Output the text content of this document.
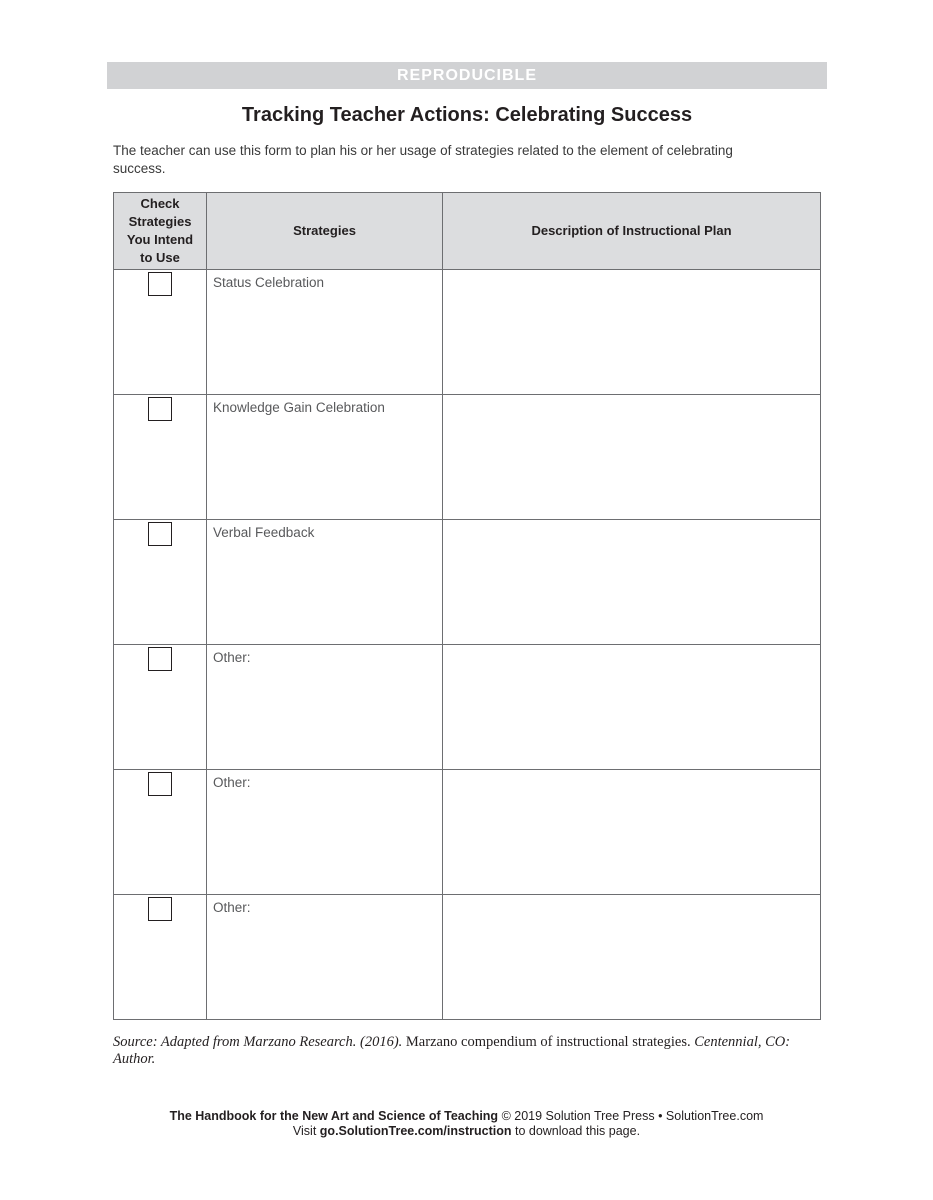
REPRODUCIBLE
Tracking Teacher Actions: Celebrating Success
The teacher can use this form to plan his or her usage of strategies related to the element of celebrating success.
Check Strategies You Intend to Use	Strategies	Description of Instructional Plan

	Status Celebration	

	Knowledge Gain Celebration	

	Verbal Feedback	

	Other:	

	Other:	

	Other:	

Source: Adapted from Marzano Research. (2016). Marzano compendium of instructional strategies. Centennial, CO: Author.
The Handbook for the New Art and Science of Teaching © 2019 Solution Tree Press • SolutionTree.com
Visit go.SolutionTree.com/instruction to download this page.
